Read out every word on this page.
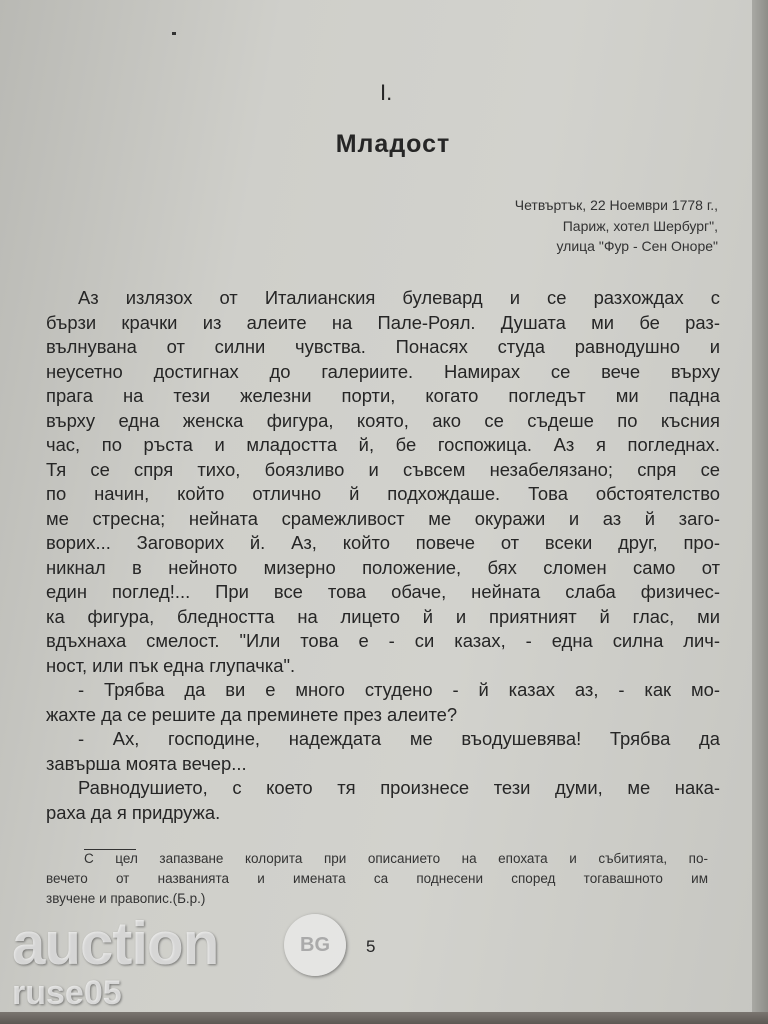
I.
Младост
Четвъртък, 22 Ноември 1778 г.,
Париж, хотел Шербург",
улица "Фур - Сен Оноре"
Аз излязох от Италианския булевард и се разхождах с
бързи крачки из алеите на Пале-Роял. Душата ми бе раз-
вълнувана от силни чувства. Понасях студа равнодушно и
неусетно достигнах до галериите. Намирах се вече върху
прага на тези железни порти, когато погледът ми падна
върху една женска фигура, която, ако се съдеше по късния
час, по ръста и младостта й, бе госпожица. Аз я погледнах.
Тя се спря тихо, боязливо и съвсем незабелязано; спря се
по начин, който отлично й подхождаше. Това обстоятелство
ме стресна; нейната срамежливост ме окуражи и аз й заго-
ворих... Заговорих й. Аз, който повече от всеки друг, про-
никнал в нейното мизерно положение, бях сломен само от
един поглед!... При все това обаче, нейната слаба физичес-
ка фигура, бледността на лицето й и приятният й глас, ми
вдъхнаха смелост. "Или това е - си казах, - една силна лич-
ност, или пък една глупачка".
- Трябва да ви е много студено - й казах аз, - как мо-
жахте да се решите да преминете през алеите?
- Ах, господине, надеждата ме въодушевява! Трябва да
завърша моята вечер...
Равнодушието, с което тя произнесе тези думи, ме нака-
раха да я придружа.
С цел запазване колорита при описанието на епохата и събитията, по-
вечето от названията и имената са поднесени според тогавашното им
звучене и правопис.(Б.р.)
auction	BG
ruse05
5
